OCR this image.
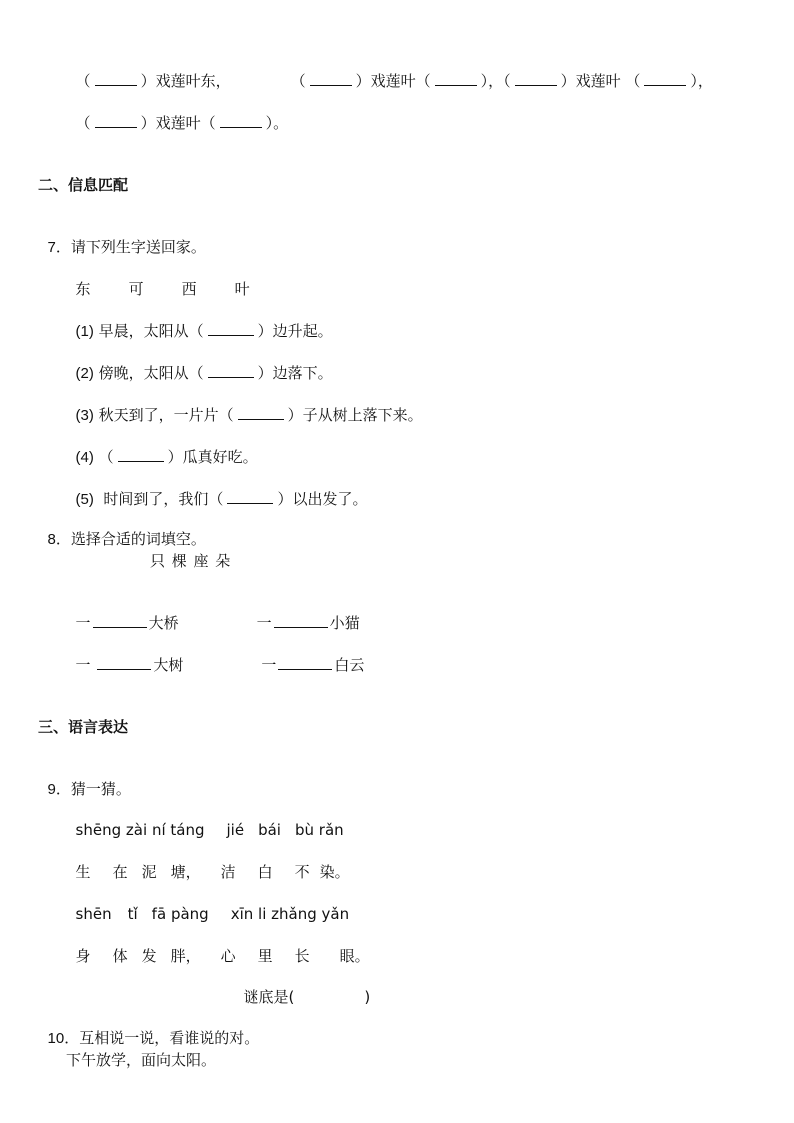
（	）戏莲叶东，	（	）戏莲叶（	），（	）戏莲叶 （	），

（	）戏莲叶（	）。

二、信息匹配

7．请下列生字送回家。

东	可	西	叶

(1) 早晨，太阳从（	）边升起。

(2) 傍晚，太阳从（	）边落下。

(3) 秋天到了，一片片（	）子从树上落下来。

(4) （	）瓜真好吃。

(5)  时间到了，我们（	）以出发了。

8．选择合适的词填空。

只 棵 座 朵

一	大桥	一	小猫

一	大树	一	白云

三、语言表达

9．猜一猜。

shēng zài ní táng jié bái bù rǎn

生 在 泥 塘， 洁 白 不 染。

shēn tǐ fā pàng xīn li zhǎng yǎn

身 体 发 胖， 心 里 长 眼。

谜底是(	)

10．互相说一说，看谁说的对。

下午放学，面向太阳。
